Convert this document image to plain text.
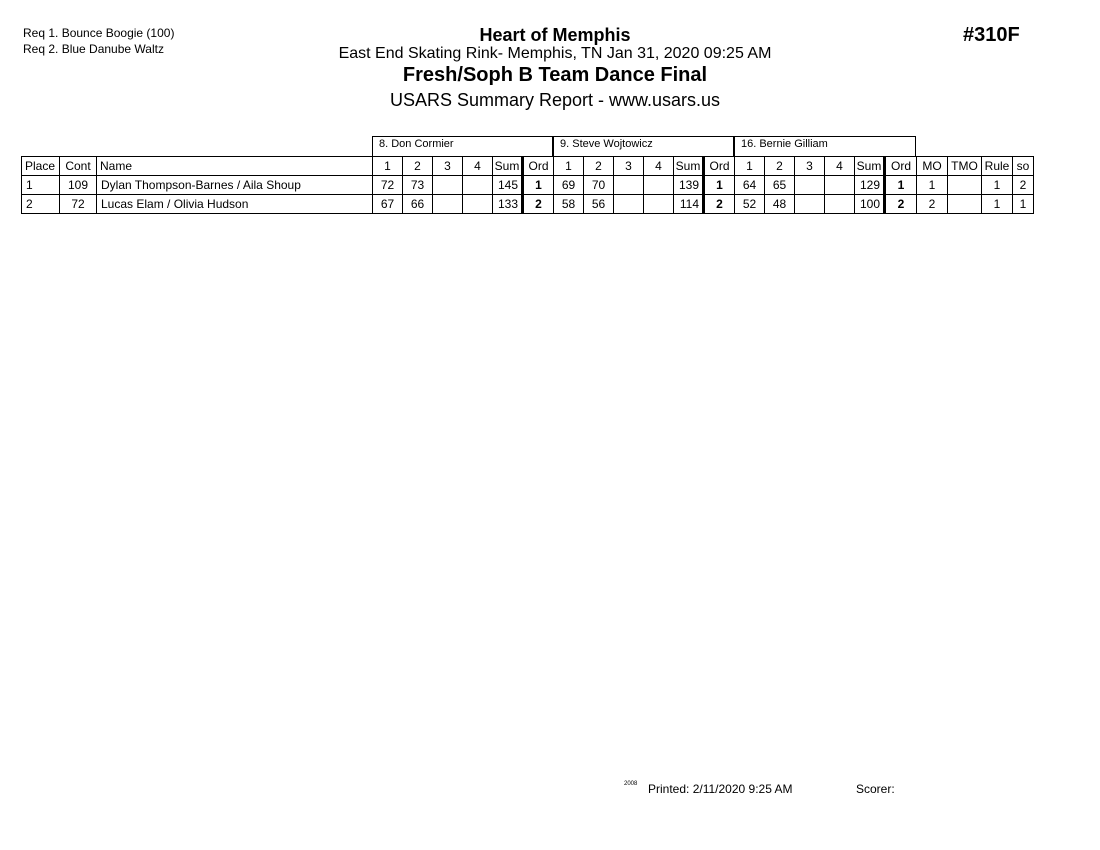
Req 1. Bounce Boogie (100)
Req 2. Blue Danube Waltz
Heart of Memphis
East End Skating Rink- Memphis, TN Jan 31, 2020 09:25 AM
Fresh/Soph B Team Dance Final
USARS Summary Report - www.usars.us
#310F
8. Don Cormier	9. Steve Wojtowicz	16. Bernie Gilliam
Place	Cont	Name	1	2	3	4	Sum	Ord	1	2	3	4	Sum	Ord	1	2	3	4	Sum	Ord	MO	TMO	Rule	so
1	109	Dylan Thompson-Barnes / Aila Shoup	72	73			145	1	69	70			139	1	64	65			129	1	1		1	2
2	72	Lucas Elam / Olivia Hudson	67	66			133	2	58	56			114	2	52	48			100	2	2		1	1
2008 Printed: 2/11/2020 9:25 AM	Scorer:
